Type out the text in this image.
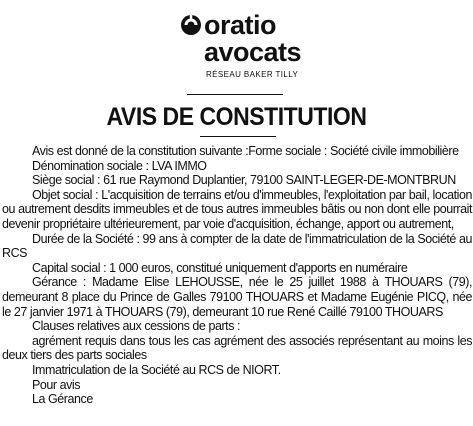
oratio
avocats
RÉSEAU BAKER TILLY
AVIS DE CONSTITUTION

Avis est donné de la constitution suivante :Forme sociale : Société civile immobilière

Dénomination sociale : LVA IMMO

Siège social : 61 rue Raymond Duplantier, 79100 SAINT-LEGER-DE-MONTBRUN

Objet social : L'acquisition de terrains et/ou d'immeubles, l'exploitation par bail, location ou autrement desdits immeubles et de tous autres immeubles bâtis ou non dont elle pourrait devenir propriétaire ultérieurement, par voie d'acquisition, échange, apport ou autrement,

Durée de la Société : 99 ans à compter de la date de l'immatriculation de la Société au RCS

Capital social : 1 000 euros, constitué uniquement d'apports en numéraire

Gérance : Madame Elise LEHOUSSE, née le 25 juillet 1988 à THOUARS (79), demeurant 8 place du Prince de Galles 79100 THOUARS et Madame Eugénie PICQ, née le 27 janvier 1971 à THOUARS (79), demeurant 10 rue René Caillé 79100 THOUARS

Clauses relatives aux cessions de parts :

agrément requis dans tous les cas agrément des associés représentant au moins les deux tiers des parts sociales

Immatriculation de la Société au RCS de NIORT.

Pour avis

La Gérance
